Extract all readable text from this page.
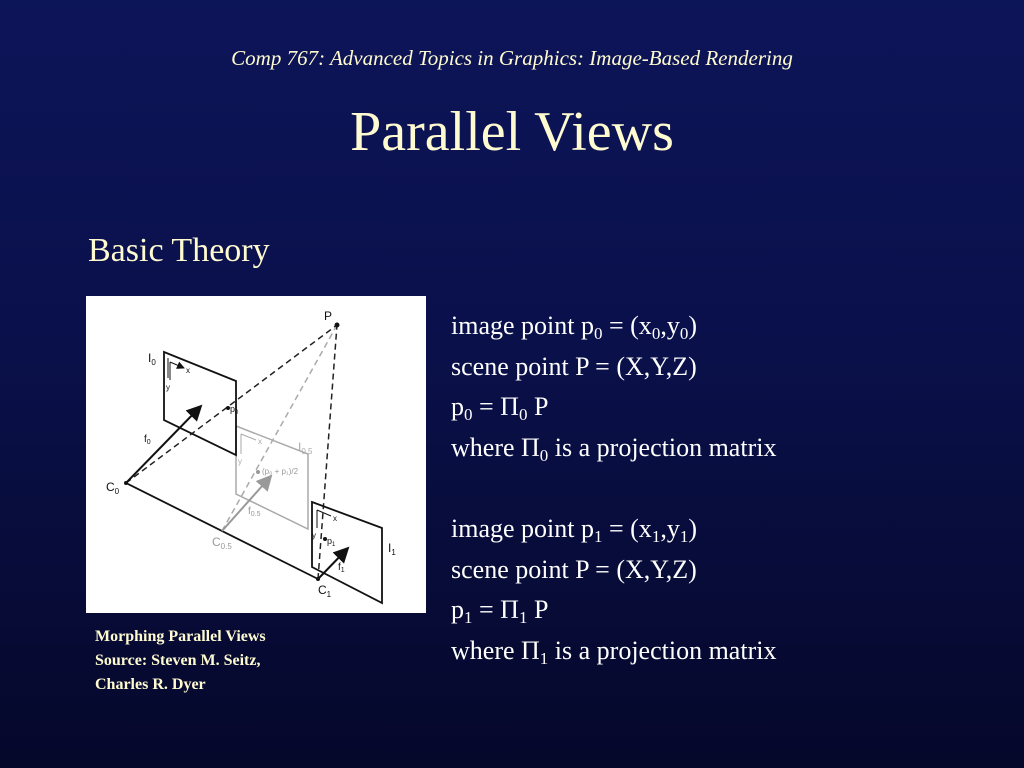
Comp 767: Advanced Topics in Graphics: Image-Based Rendering
Parallel Views
Basic Theory
P
$I_0$
$I_{0.5}$
$I_1$
$C_0$
$C_{0.5}$
$C_1$
$f_0$
$f_{0.5}$
$f_1$
$p_0$
$p_1$
(p₀ + p₁)/2
x
y
x
y
x
y
Morphing Parallel Views
Source: Steven M. Seitz,
Charles R. Dyer
image point $p_0 = (x_0,y_0)$
scene point P = (X,Y,Z)
$p_0 = \Pi_0$ P
where $\Pi_0$ is a projection matrix
image point $p_1 = (x_1,y_1)$
scene point P = (X,Y,Z)
$p_1 = \Pi_1$ P
where $\Pi_1$ is a projection matrix
